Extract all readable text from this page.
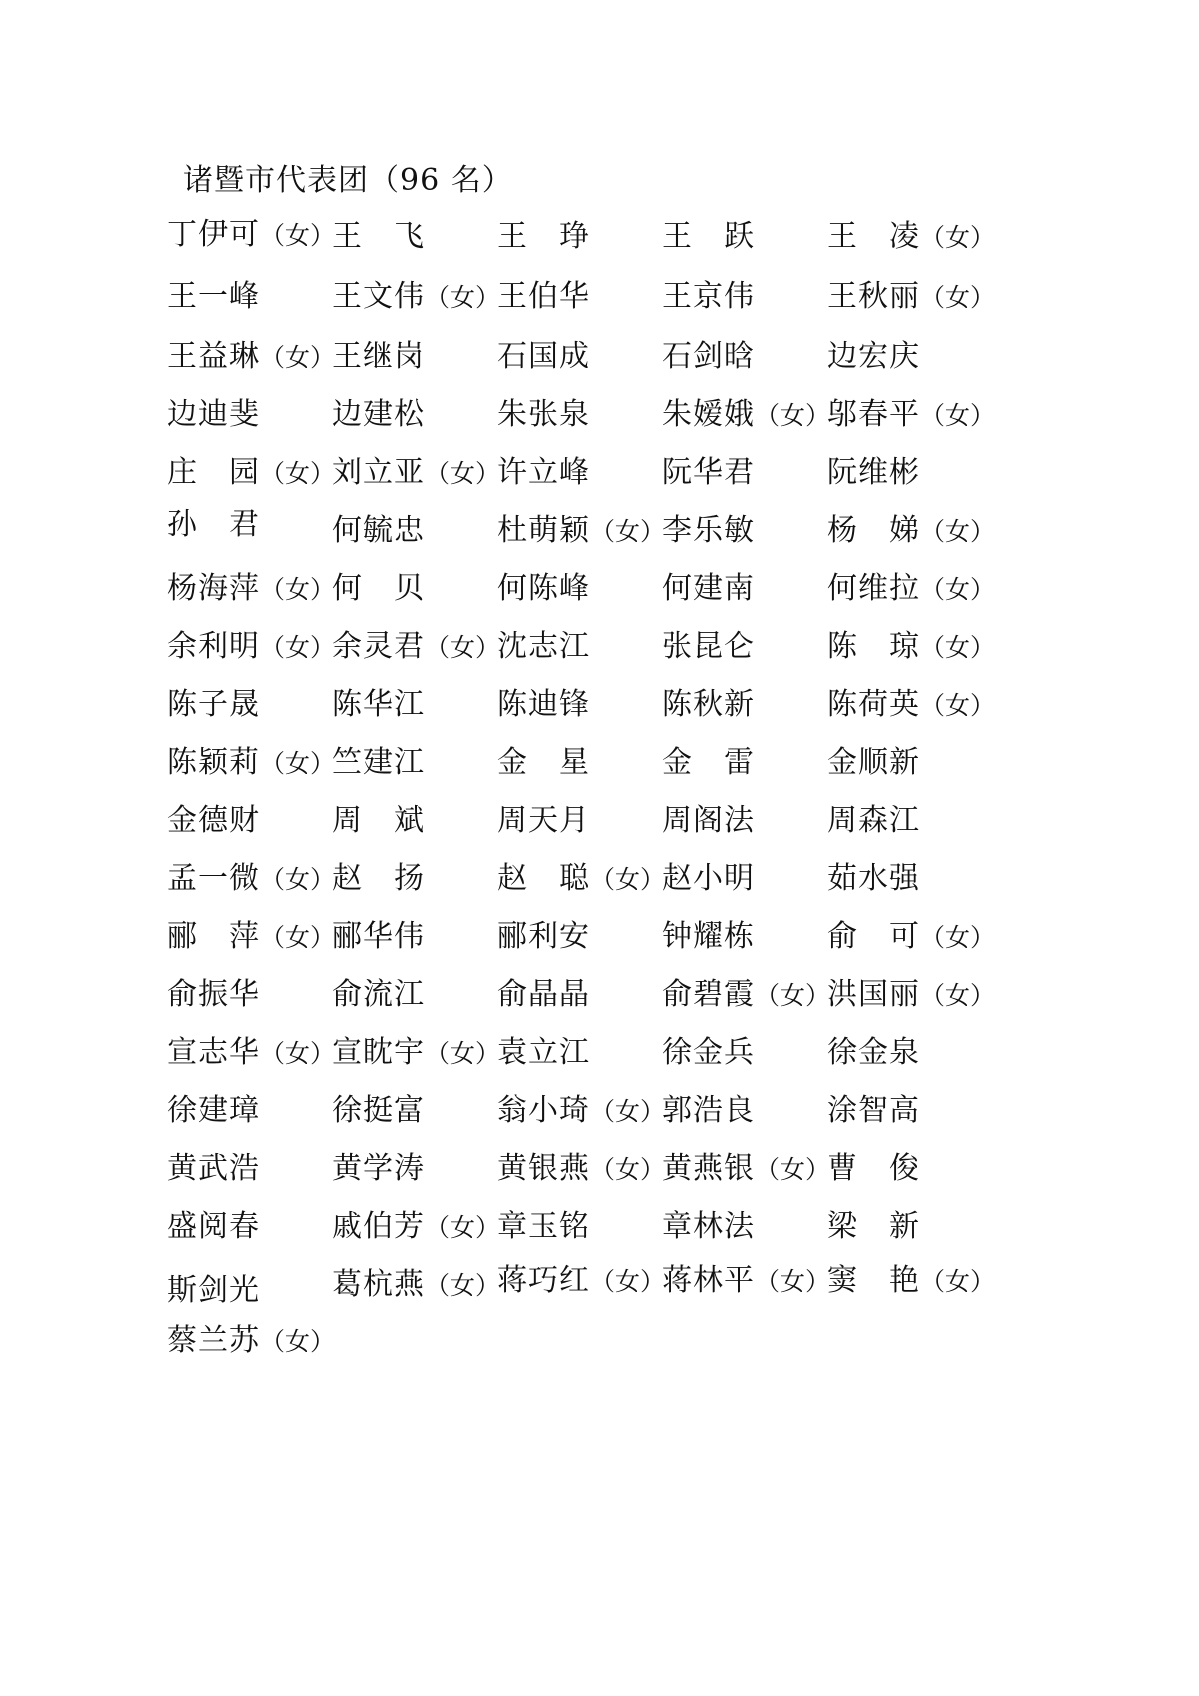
诸暨市代表团（96 名）
丁伊可（女）
王　飞 王　琤 王　跃 王　凌（女）
王一峰 王文伟（女）
王伯华 王京伟 王秋丽（女）
王益琳（女）
王继岗 石国成 石剑晗 边宏庆
边迪斐 边建松 朱张泉 朱嫒娥（女）
邬春平（女）
庄　园（女）
刘立亚（女）
许立峰 阮华君 阮维彬
孙　君 何毓忠 杜萌颖（女）
李乐敏 杨　娣（女）
杨海萍（女）
何　贝 何陈峰 何建南 何维拉（女）
余利明（女）
余灵君（女）
沈志江 张昆仑 陈　琼（女）
陈子晟 陈华江 陈迪锋 陈秋新 陈荷英（女）
陈颖莉（女）
竺建江 金　星 金　雷 金顺新
金德财 周　斌 周天月 周阁法 周森江
孟一微（女）
赵　扬 赵　聪（女）
赵小明 茹水强
郦　萍（女）
郦华伟 郦利安 钟耀栋 俞　可（女）
俞振华 俞流江 俞晶晶 俞碧霞（女）
洪国丽（女）
宣志华（女）
宣眈宇（女）
袁立江 徐金兵 徐金泉
徐建璋 徐挺富 翁小琦（女）
郭浩良 涂智高
黄武浩 黄学涛 黄银燕（女）
黄燕银（女）
曹　俊
盛阅春 戚伯芳（女）
章玉铭 章林法 梁　新
斯剑光 葛杭燕（女）
蒋巧红（女）
蒋林平（女）
窦　艳（女）
蔡兰苏（女）
